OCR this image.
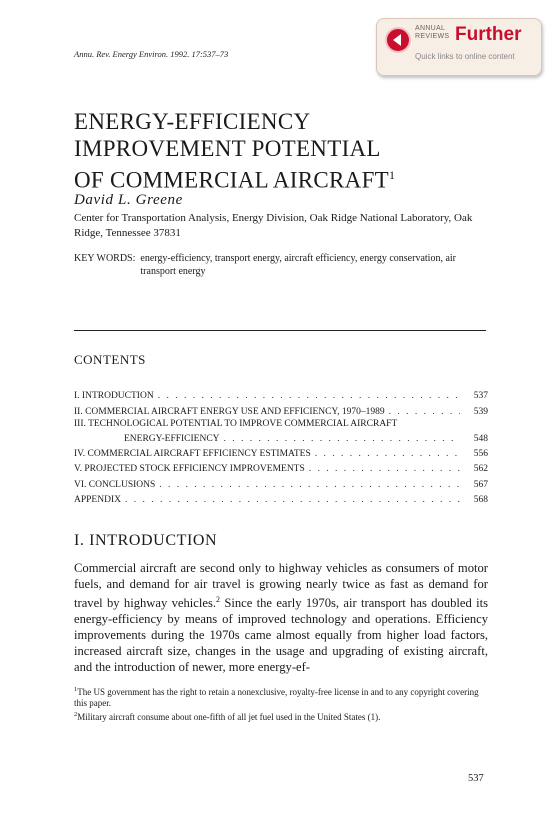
Annu. Rev. Energy Environ. 1992. 17:537–73
ANNUAL
REVIEWS Further
Quick links to online content
ENERGY-EFFICIENCY
IMPROVEMENT POTENTIAL
OF COMMERCIAL AIRCRAFT$^1$
David L. Greene
Center for Transportation Analysis, Energy Division, Oak Ridge National Laboratory, Oak Ridge, Tennessee 37831
KEY WORDS: energy-efficiency, transport energy, aircraft efficiency, energy conservation, air transport energy
CONTENTS
I. INTRODUCTION . . .	537
II. COMMERCIAL AIRCRAFT ENERGY USE AND EFFICIENCY, 1970–1989 . . .	539
III. TECHNOLOGICAL POTENTIAL TO IMPROVE COMMERCIAL AIRCRAFT
ENERGY-EFFICIENCY . . .	548
IV. COMMERCIAL AIRCRAFT EFFICIENCY ESTIMATES . . .	556
V. PROJECTED STOCK EFFICIENCY IMPROVEMENTS . . .	562
VI. CONCLUSIONS . . .	567
APPENDIX . . .	568
I. INTRODUCTION
Commercial aircraft are second only to highway vehicles as consumers of motor fuels, and demand for air travel is growing nearly twice as fast as demand for travel by highway vehicles.$^2$ Since the early 1970s, air transport has doubled its energy-efficiency by means of improved technology and operations. Efficiency improvements during the 1970s came almost equally from higher load factors, increased aircraft size, changes in the usage and upgrading of existing aircraft, and the introduction of newer, more energy-ef-
$^1$The US government has the right to retain a nonexclusive, royalty-free license in and to any copyright covering this paper.
$^2$Military aircraft consume about one-fifth of all jet fuel used in the United States (1).
537
